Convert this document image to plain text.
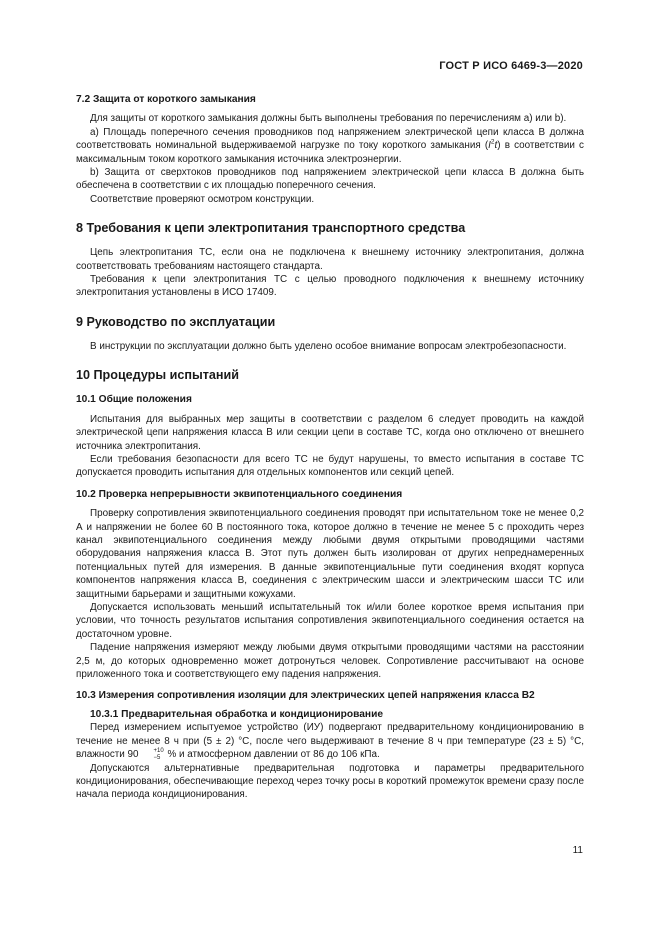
ГОСТ Р ИСО 6469-3—2020
7.2 Защита от короткого замыкания

Для защиты от короткого замыкания должны быть выполнены требования по перечислениям а) или b).

а) Площадь поперечного сечения проводников под напряжением электрической цепи класса В должна соответствовать номинальной выдерживаемой нагрузке по току короткого замыкания $(I^2t)$ в соответствии с максимальным током короткого замыкания источника электроэнергии.

b) Защита от сверхтоков проводников под напряжением электрической цепи класса В должна быть обеспечена в соответствии с их площадью поперечного сечения.

Соответствие проверяют осмотром конструкции.

8 Требования к цепи электропитания транспортного средства

Цепь электропитания ТС, если она не подключена к внешнему источнику электропитания, должна соответствовать требованиям настоящего стандарта.

Требования к цепи электропитания ТС с целью проводного подключения к внешнему источнику электропитания установлены в ИСО 17409.

9 Руководство по эксплуатации

В инструкции по эксплуатации должно быть уделено особое внимание вопросам электробезопасности.

10 Процедуры испытаний
10.1 Общие положения

Испытания для выбранных мер защиты в соответствии с разделом 6 следует проводить на каждой электрической цепи напряжения класса В или секции цепи в составе ТС, когда оно отключено от внешнего источника электропитания.

Если требования безопасности для всего ТС не будут нарушены, то вместо испытания в составе ТС допускается проводить испытания для отдельных компонентов или секций цепей.

10.2 Проверка непрерывности эквипотенциального соединения

Проверку сопротивления эквипотенциального соединения проводят при испытательном токе не менее 0,2 А и напряжении не более 60 В постоянного тока, которое должно в течение не менее 5 с проходить через канал эквипотенциального соединения между любыми двумя открытыми проводящими частями оборудования напряжения класса В. Этот путь должен быть изолирован от других непреднамеренных потенциальных путей для измерения. В данные эквипотенциальные пути соединения входят корпуса компонентов напряжения класса В, соединения с электрическим шасси и электрическим шасси ТС или защитными барьерами и защитными кожухами.

Допускается использовать меньший испытательный ток и/или более короткое время испытания при условии, что точность результатов испытания сопротивления эквипотенциального соединения остается на достаточном уровне.

Падение напряжения измеряют между любыми двумя открытыми проводящими частями на расстоянии 2,5 м, до которых одновременно может дотронуться человек. Сопротивление рассчитывают на основе приложенного тока и соответствующего ему падения напряжения.

10.3 Измерения сопротивления изоляции для электрических цепей напряжения класса В2
10.3.1 Предварительная обработка и кондиционирование

Перед измерением испытуемое устройство (ИУ) подвергают предварительному кондиционированию в течение не менее 8 ч при (5 ± 2) °С, после чего выдерживают в течение 8 ч при температуре (23 ± 5) °С, влажности 90	+10
−5 % и атмосферном давлении от 86 до 106 кПа.

Допускаются альтернативные предварительная подготовка и параметры предварительного кондиционирования, обеспечивающие переход через точку росы в короткий промежуток времени сразу после начала периода кондиционирования.

11
